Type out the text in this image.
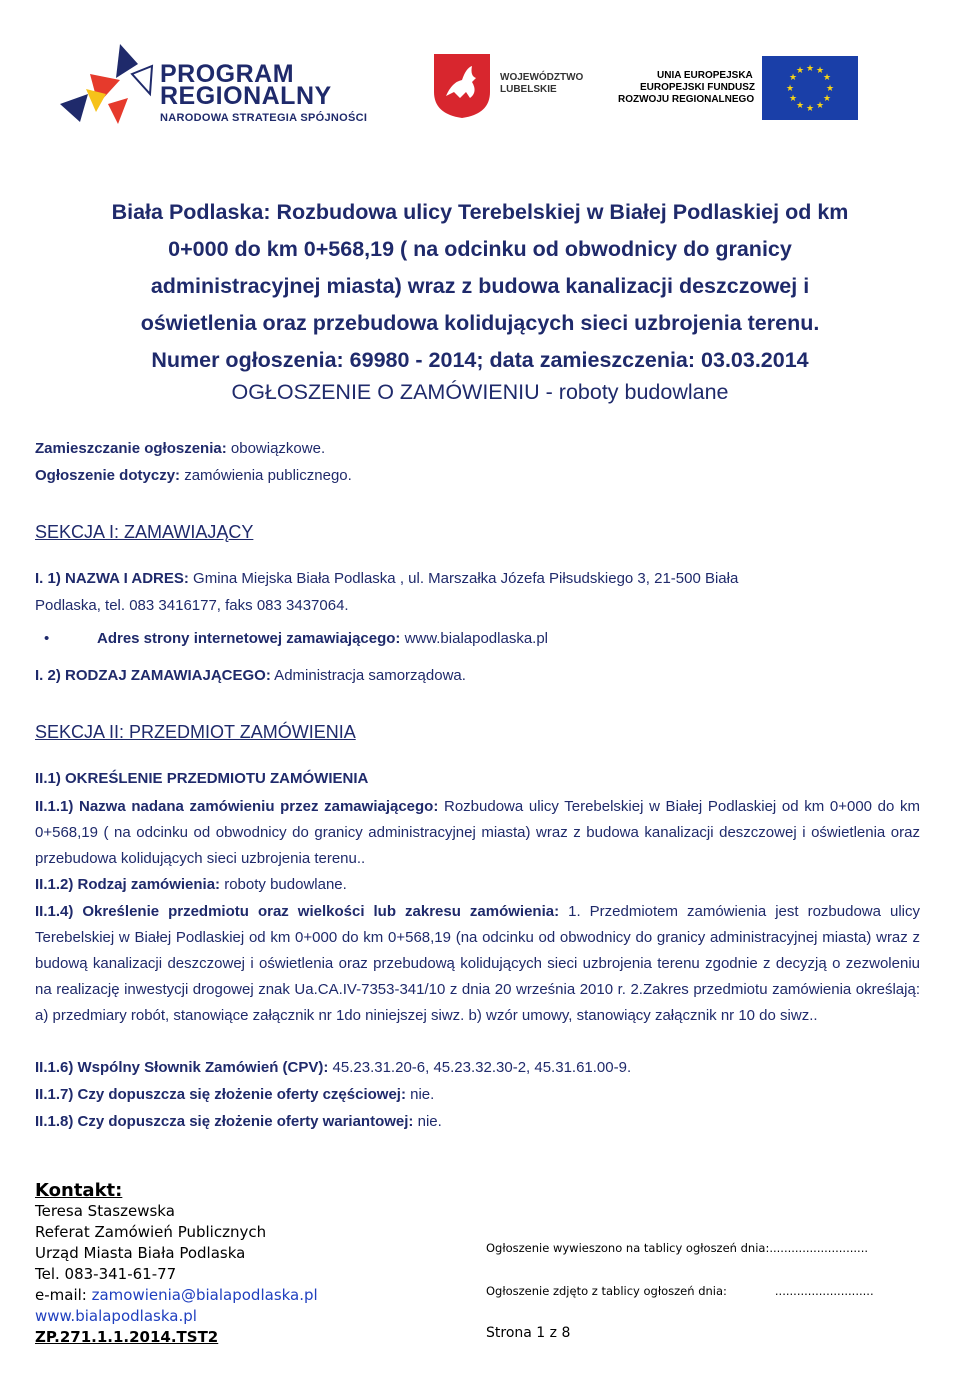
PROGRAM
REGIONALNY
NARODOWA STRATEGIA SPÓJNOŚCI
WOJEWÓDZTWO
LUBELSKIE
UNIA EUROPEJSKA
EUROPEJSKI FUNDUSZ
ROZWOJU REGIONALNEGO
★ ★
★
★
★
★
★
★
★
★
★
★
Biała Podlaska: Rozbudowa ulicy Terebelskiej w Białej Podlaskiej od km
0+000 do km 0+568,19 ( na odcinku od obwodnicy do granicy
administracyjnej miasta) wraz z budowa kanalizacji deszczowej i
oświetlenia oraz przebudowa kolidujących sieci uzbrojenia terenu.
Numer ogłoszenia: 69980 - 2014; data zamieszczenia: 03.03.2014
OGŁOSZENIE O ZAMÓWIENIU - roboty budowlane
Zamieszczanie ogłoszenia: obowiązkowe.
Ogłoszenie dotyczy: zamówienia publicznego.
SEKCJA I: ZAMAWIAJĄCY
I. 1) NAZWA I ADRES: Gmina Miejska Biała Podlaska , ul. Marszałka Józefa Piłsudskiego 3, 21-500 Biała
Podlaska, tel. 083 3416177, faks 083 3437064.
•	Adres strony internetowej zamawiającego: www.bialapodlaska.pl
I. 2) RODZAJ ZAMAWIAJĄCEGO: Administracja samorządowa.
SEKCJA II: PRZEDMIOT ZAMÓWIENIA
II.1) OKREŚLENIE PRZEDMIOTU ZAMÓWIENIA
II.1.1) Nazwa nadana zamówieniu przez zamawiającego: Rozbudowa ulicy Terebelskiej w Białej Podlaskiej od km 0+000 do km 0+568,19 ( na odcinku od obwodnicy do granicy administracyjnej miasta) wraz z budowa kanalizacji deszczowej i oświetlenia oraz przebudowa kolidujących sieci uzbrojenia terenu..
II.1.2) Rodzaj zamówienia: roboty budowlane.
II.1.4) Określenie przedmiotu oraz wielkości lub zakresu zamówienia: 1. Przedmiotem zamówienia jest rozbudowa ulicy Terebelskiej w Białej Podlaskiej od km 0+000 do km 0+568,19 (na odcinku od obwodnicy do granicy administracyjnej miasta) wraz z budową kanalizacji deszczowej i oświetlenia oraz przebudową kolidujących sieci uzbrojenia terenu zgodnie z decyzją o zezwoleniu na realizację inwestycji drogowej znak Ua.CA.IV-7353-341/10 z dnia 20 września 2010 r. 2.Zakres przedmiotu zamówienia określają: a) przedmiary robót, stanowiące załącznik nr 1do niniejszej siwz. b) wzór umowy, stanowiący załącznik nr 10 do siwz..
II.1.6) Wspólny Słownik Zamówień (CPV): 45.23.31.20-6, 45.23.32.30-2, 45.31.61.00-9.
II.1.7) Czy dopuszcza się złożenie oferty częściowej: nie.
II.1.8) Czy dopuszcza się złożenie oferty wariantowej: nie.
Kontakt:
Teresa Staszewska
Referat Zamówień Publicznych
Urząd Miasta Biała Podlaska
Tel. 083-341-61-77
e-mail: zamowienia@bialapodlaska.pl
www.bialapodlaska.pl
ZP.271.1.1.2014.TST2
Ogłoszenie wywieszono na tablicy ogłoszeń dnia:...........................
Ogłoszenie zdjęto z tablicy ogłoszeń dnia:	...........................
Strona 1 z 8
